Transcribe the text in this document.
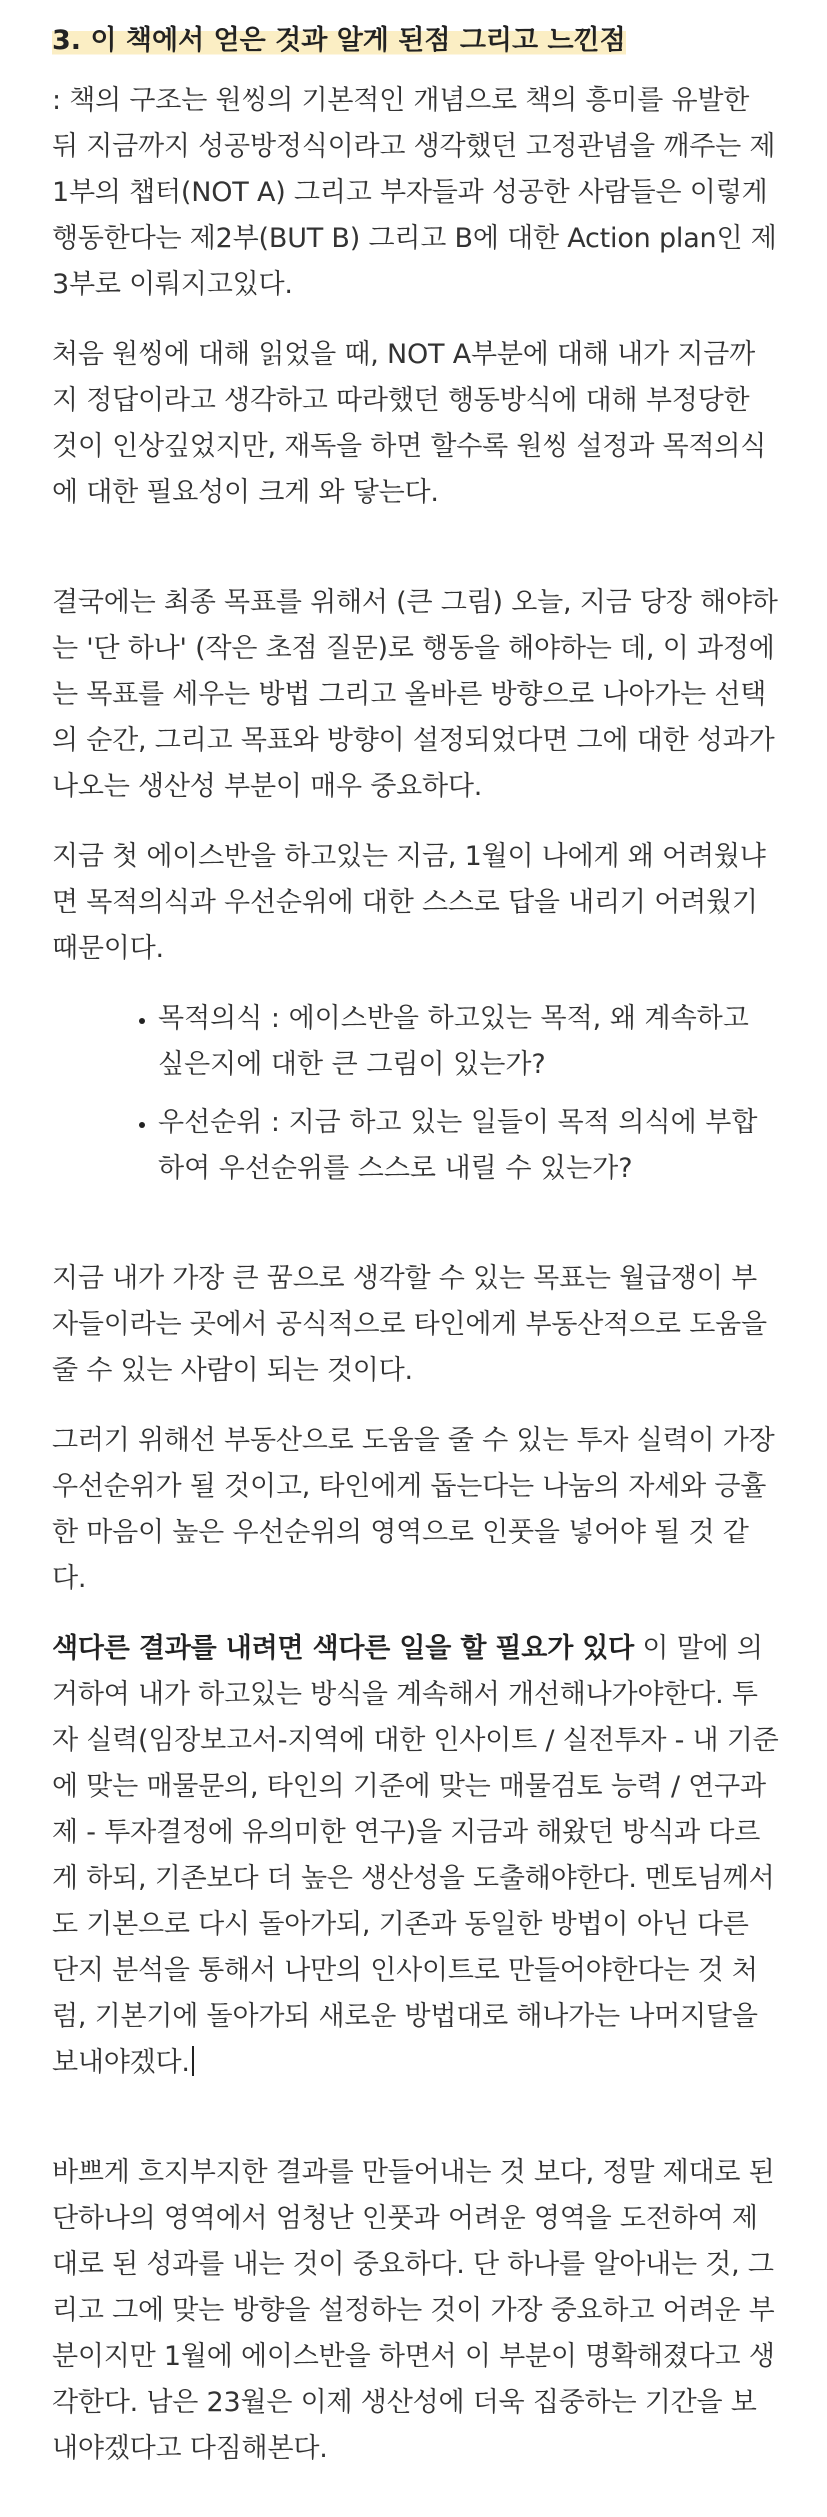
3. 이 책에서 얻은 것과 알게 된점 그리고 느낀점

: 책의 구조는 원씽의 기본적인 개념으로 책의 흥미를 유발한 뒤 지금까지 성공방정식이라고 생각했던 고정관념을 깨주는 제1부의 챕터(NOT A) 그리고 부자들과 성공한 사람들은 이렇게 행동한다는 제2부(BUT B) 그리고 B에 대한 Action plan인 제3부로 이뤄지고있다.

처음 원씽에 대해 읽었을 때, NOT A부분에 대해 내가 지금까지 정답이라고 생각하고 따라했던 행동방식에 대해 부정당한 것이 인상깊었지만, 재독을 하면 할수록 원씽 설정과 목적의식에 대한 필요성이 크게 와 닿는다.

결국에는 최종 목표를 위해서 (큰 그림) 오늘, 지금 당장 해야하는 '단 하나' (작은 초점 질문)로 행동을 해야하는 데, 이 과정에는 목표를 세우는 방법 그리고 올바른 방향으로 나아가는 선택의 순간, 그리고 목표와 방향이 설정되었다면 그에 대한 성과가 나오는 생산성 부분이 매우 중요하다.

지금 첫 에이스반을 하고있는 지금, 1월이 나에게 왜 어려웠냐면 목적의식과 우선순위에 대한 스스로 답을 내리기 어려웠기 때문이다.

• 목적의식 : 에이스반을 하고있는 목적, 왜 계속하고 싶은지에 대한 큰 그림이 있는가?
• 우선순위 : 지금 하고 있는 일들이 목적 의식에 부합하여 우선순위를 스스로 내릴 수 있는가?

지금 내가 가장 큰 꿈으로 생각할 수 있는 목표는 월급쟁이 부자들이라는 곳에서 공식적으로 타인에게 부동산적으로 도움을 줄 수 있는 사람이 되는 것이다.

그러기 위해선 부동산으로 도움을 줄 수 있는 투자 실력이 가장 우선순위가 될 것이고, 타인에게 돕는다는 나눔의 자세와 긍휼한 마음이 높은 우선순위의 영역으로 인풋을 넣어야 될 것 같다.

색다른 결과를 내려면 색다른 일을 할 필요가 있다 이 말에 의거하여 내가 하고있는 방식을 계속해서 개선해나가야한다. 투자 실력(임장보고서-지역에 대한 인사이트 / 실전투자 - 내 기준에 맞는 매물문의, 타인의 기준에 맞는 매물검토 능력 / 연구과제 - 투자결정에 유의미한 연구)을 지금과 해왔던 방식과 다르게 하되, 기존보다 더 높은 생산성을 도출해야한다. 멘토님께서도 기본으로 다시 돌아가되, 기존과 동일한 방법이 아닌 다른 단지 분석을 통해서 나만의 인사이트로 만들어야한다는 것 처럼, 기본기에 돌아가되 새로운 방법대로 해나가는 나머지달을 보내야겠다.

바쁘게 흐지부지한 결과를 만들어내는 것 보다, 정말 제대로 된 단하나의 영역에서 엄청난 인풋과 어려운 영역을 도전하여 제대로 된 성과를 내는 것이 중요하다. 단 하나를 알아내는 것, 그리고 그에 맞는 방향을 설정하는 것이 가장 중요하고 어려운 부분이지만 1월에 에이스반을 하면서 이 부분이 명확해졌다고 생각한다. 남은 23월은 이제 생산성에 더욱 집중하는 기간을 보내야겠다고 다짐해본다.
